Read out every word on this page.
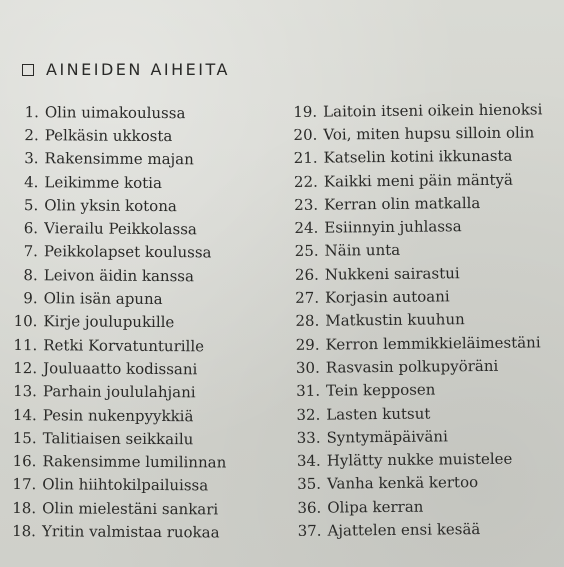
AINEIDEN AIHEITA
1. Olin uimakoulussa
2. Pelkäsin ukkosta
3. Rakensimme majan
4. Leikimme kotia
5. Olin yksin kotona
6. Vierailu Peikkolassa
7. Peikkolapset koulussa
8. Leivon äidin kanssa
9. Olin isän apuna
10. Kirje joulupukille
11. Retki Korvatunturille
12. Jouluaatto kodissani
13. Parhain joululahjani
14. Pesin nukenpyykkiä
15. Talitiaisen seikkailu
16. Rakensimme lumilinnan
17. Olin hiihtokilpailuissa
18. Olin mielestäni sankari
18. Yritin valmistaa ruokaa
19. Laitoin itseni oikein hienoksi
20. Voi, miten hupsu silloin olin
21. Katselin kotini ikkunasta
22. Kaikki meni päin mäntyä
23. Kerran olin matkalla
24. Esiinnyin juhlassa
25. Näin unta
26. Nukkeni sairastui
27. Korjasin autoani
28. Matkustin kuuhun
29. Kerron lemmikkieläimestäni
30. Rasvasin polkupyöräni
31. Tein kepposen
32. Lasten kutsut
33. Syntymäpäiväni
34. Hylätty nukke muistelee
35. Vanha kenkä kertoo
36. Olipa kerran
37. Ajattelen ensi kesää
